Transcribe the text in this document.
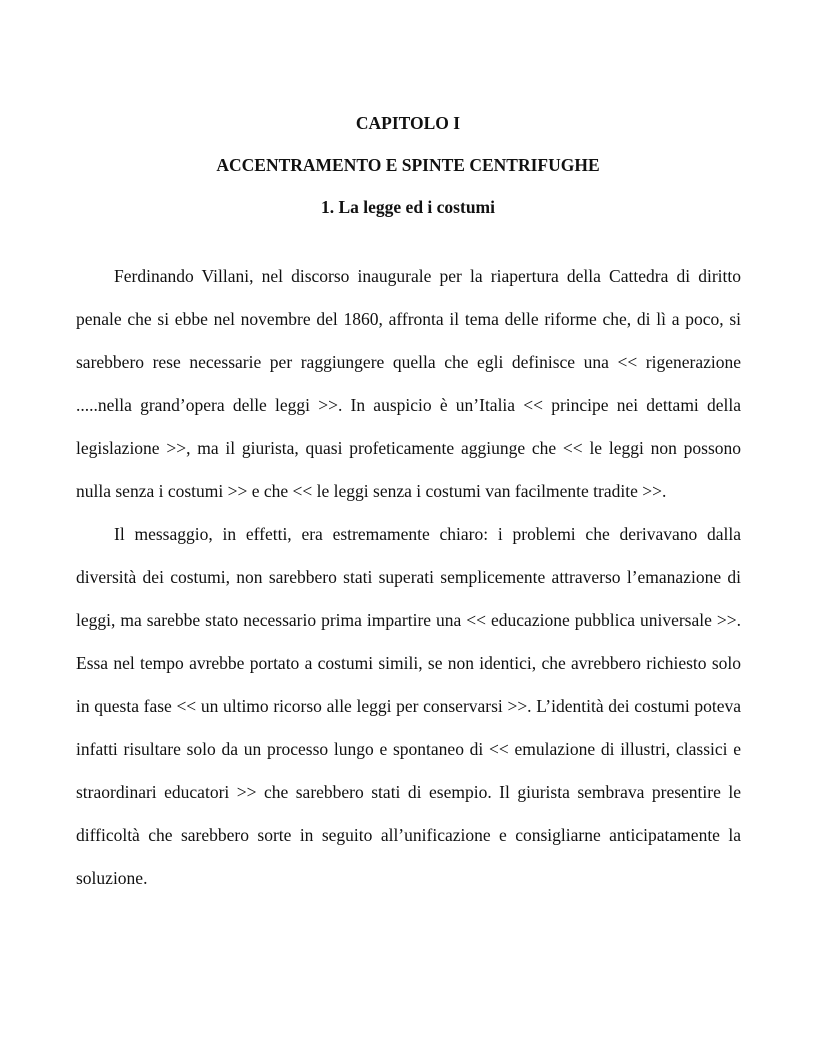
CAPITOLO I
ACCENTRAMENTO E SPINTE CENTRIFUGHE
1. La legge ed i costumi

Ferdinando Villani, nel discorso inaugurale per la riapertura della Cattedra di diritto penale che si ebbe nel novembre del 1860, affronta il tema delle riforme che, di lì a poco, si sarebbero rese necessarie per raggiungere quella che egli definisce una << rigenerazione .....nella grand’opera delle leggi >>. In auspicio è un’Italia << principe nei dettami della legislazione >>, ma il giurista, quasi profeticamente aggiunge che << le leggi non possono nulla senza i costumi >> e che << le leggi senza i costumi van facilmente tradite >>.

Il messaggio, in effetti, era estremamente chiaro: i problemi che derivavano dalla diversità dei costumi, non sarebbero stati superati semplicemente attraverso l’emanazione di leggi, ma sarebbe stato necessario prima impartire una << educazione pubblica universale >>. Essa nel tempo avrebbe portato a costumi simili, se non identici, che avrebbero richiesto solo in questa fase << un ultimo ricorso alle leggi per conservarsi >>. L’identità dei costumi poteva infatti risultare solo da un processo lungo e spontaneo di << emulazione di illustri, classici e straordinari educatori >> che sarebbero stati di esempio. Il giurista sembrava presentire le difficoltà che sarebbero sorte in seguito all’unificazione e consigliarne anticipatamente la soluzione.
